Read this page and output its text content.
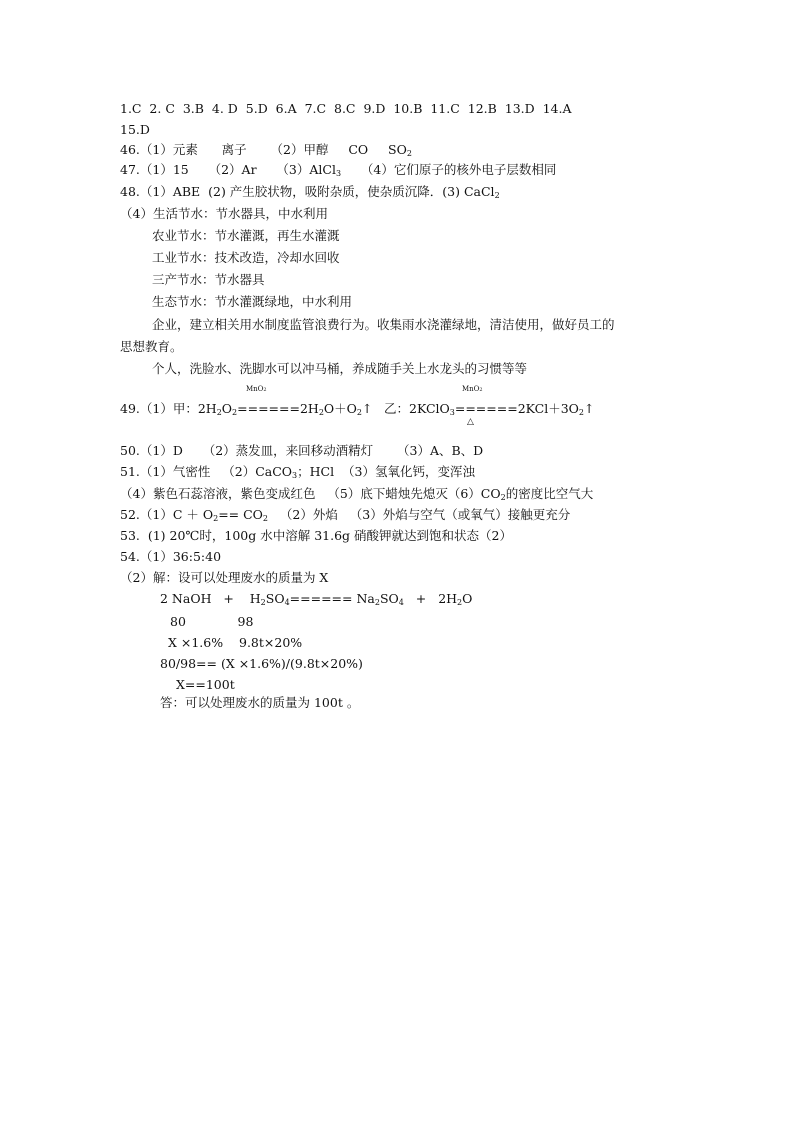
1.C  2. C  3.B  4. D  5.D  6.A  7.C  8.C  9.D  10.B  11.C  12.B  13.D  14.A
15.D
46.（1）元素      离子      （2）甲醇     CO     $SO_2$
47.（1）15     （2）Ar     （3）AlCl$_3$     （4）它们原子的核外电子层数相同
48.（1）ABE  (2) 产生胶状物，吸附杂质，使杂质沉降．(3) CaCl$_2$
（4）生活节水：节水器具，中水利用
农业节水：节水灌溉，再生水灌溉
工业节水：技术改造，冷却水回收
三产节水：节水器具
生态节水：节水灌溉绿地，中水利用
企业，建立相关用水制度监管浪费行为。收集雨水浇灌绿地，清洁使用，做好员工的
思想教育。
个人，洗脸水、洗脚水可以冲马桶，养成随手关上水龙头的习惯等等
MnO2	MnO2
49.（1）甲：$2H_2O_2======2H_2O+O_2↑$ 乙：$2KClO_3======2KCl+3O_2↑$
△
50.（1）D     （2）蒸发皿，来回移动酒精灯      （3）A、B、D
51.（1）气密性   （2）CaCO$_3$；HCl  （3）氢氧化钙，变浑浊
（4）紫色石蕊溶液，紫色变成红色   （5）底下蜡烛先熄灭$(6)CO_2$的密度比空气大
$52.(1)C + O_2== CO_2$   （2）外焰   （3）外焰与空气（或氧气）接触更充分
53.  (1) 20℃时，100g 水中溶解 31.6g 硝酸钾就达到饱和状态（2）
54.（1）36:5:40
（2）解：设可以处理废水的质量为 X
2 NaOH   +    $H_2SO_4====== Na_2SO_4 + 2H_2O$
80             98
X ×1.6%    9.8t×20%
80/98== (X ×1.6%)/(9.8t×20%)
X==100t
答：可以处理废水的质量为 100t 。
